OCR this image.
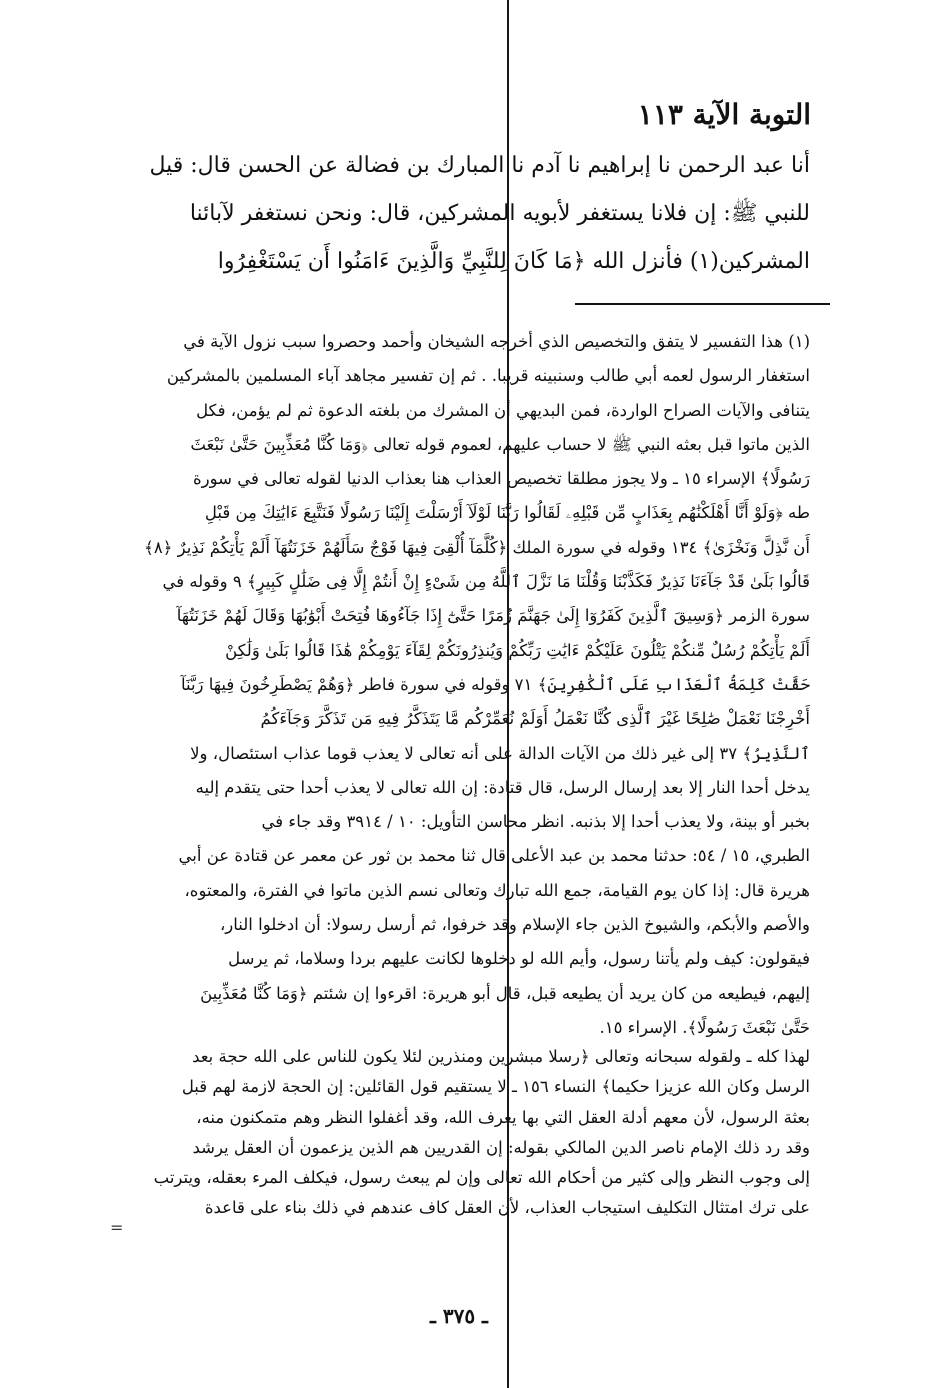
التوبة الآية ١١٣
أنا عبد الرحمن نا إبراهيم نا آدم نا المبارك بن فضالة عن الحسن قال: قيل
للنبي ﷺ: إن فلانا يستغفر لأبويه المشركين، قال: ونحن نستغفر لآبائنا
المشركين(١) فأنزل الله ﴿مَا كَانَ لِلنَّبِيِّ وَالَّذِينَ ءَامَنُوا أَن يَسْتَغْفِرُوا
(١) هذا التفسير لا يتفق والتخصيص الذي أخرجه الشيخان وأحمد وحصروا سبب نزول الآية في
استغفار الرسول لعمه أبي طالب وسنبينه قريبا. . ثم إن تفسير مجاهد آباء المسلمين بالمشركين
يتنافى والآيات الصراح الواردة، فمن البديهي أن المشرك من بلغته الدعوة ثم لم يؤمن، فكل
الذين ماتوا قبل بعثه النبي ﷺ لا حساب عليهم، لعموم قوله تعالى ﴿وَمَا كُنَّا مُعَذِّبِينَ حَتَّىٰ نَبْعَثَ
رَسُولًا﴾ الإسراء ١٥ ـ ولا يجوز مطلقا تخصيص العذاب هنا بعذاب الدنيا لقوله تعالى في سورة
طه ﴿وَلَوْ أَنَّا أَهْلَكْنَٰهُم بِعَذَابٍ مِّن قَبْلِهِۦ لَقَالُوا رَبَّنَا لَوْلَآ أَرْسَلْتَ إِلَيْنَا رَسُولًا فَنَتَّبِعَ ءَايَٰتِكَ مِن قَبْلِ
أَن نَّذِلَّ وَنَخْزَىٰ﴾ ١٣٤ وقوله في سورة الملك ﴿كُلَّمَآ أُلْقِىَ فِيهَا فَوْجٌ سَأَلَهُمْ خَزَنَتُهَآ أَلَمْ يَأْتِكُمْ نَذِيرٌ ﴿٨﴾
قَالُوا بَلَىٰ قَدْ جَآءَنَا نَذِيرٌ فَكَذَّبْنَا وَقُلْنَا مَا نَزَّلَ ٱللَّهُ مِن شَىْءٍ إِنْ أَنتُمْ إِلَّا فِى ضَلَٰلٍ كَبِيرٍ﴾ ٩ وقوله في
سورة الزمر ﴿وَسِيقَ ٱلَّذِينَ كَفَرُوٓا إِلَىٰ جَهَنَّمَ زُمَرًا حَتَّىٰٓ إِذَا جَآءُوهَا فُتِحَتْ أَبْوَٰبُهَا وَقَالَ لَهُمْ خَزَنَتُهَآ
أَلَمْ يَأْتِكُمْ رُسُلٌ مِّنكُمْ يَتْلُونَ عَلَيْكُمْ ءَايَٰتِ رَبِّكُمْ وَيُنذِرُونَكُمْ لِقَآءَ يَوْمِكُمْ هَٰذَا قَالُوا بَلَىٰ وَلَٰكِنْ
حَقَّتْ كَلِمَةُ ٱلْعَذَابِ عَلَى ٱلْكَٰفِرِينَ﴾ ٧١ وقوله في سورة فاطر ﴿وَهُمْ يَصْطَرِخُونَ فِيهَا رَبَّنَآ
أَخْرِجْنَا نَعْمَلْ صَٰلِحًا غَيْرَ ٱلَّذِى كُنَّا نَعْمَلُ أَوَلَمْ نُعَمِّرْكُم مَّا يَتَذَكَّرُ فِيهِ مَن تَذَكَّرَ وَجَآءَكُمُ
ٱلنَّذِيرُ﴾ ٣٧ إلى غير ذلك من الآيات الدالة على أنه تعالى لا يعذب قوما عذاب استئصال، ولا
يدخل أحدا النار إلا بعد إرسال الرسل، قال قتادة: إن الله تعالى لا يعذب أحدا حتى يتقدم إليه
بخبر أو بينة، ولا يعذب أحدا إلا بذنبه. انظر محاسن التأويل: ١٠ / ٣٩١٤ وقد جاء في
الطبري، ١٥ / ٥٤: حدثنا محمد بن عبد الأعلى قال ثنا محمد بن ثور عن معمر عن قتادة عن أبي
هريرة قال: إذا كان يوم القيامة، جمع الله تبارك وتعالى نسم الذين ماتوا في الفترة، والمعتوه،
والأصم والأبكم، والشيوخ الذين جاء الإسلام وقد خرفوا، ثم أرسل رسولا: أن ادخلوا النار،
فيقولون: كيف ولم يأتنا رسول، وأيم الله لو دخلوها لكانت عليهم بردا وسلاما، ثم يرسل
إليهم، فيطيعه من كان يريد أن يطيعه قبل، قال أبو هريرة: اقرءوا إن شئتم ﴿وَمَا كُنَّا مُعَذِّبِينَ
حَتَّىٰ نَبْعَثَ رَسُولًا﴾. الإسراء ١٥.
لهذا كله ـ ولقوله سبحانه وتعالى ﴿رسلا مبشرين ومنذرين لئلا يكون للناس على الله حجة بعد
الرسل وكان الله عزيزا حكيما﴾ النساء ١٥٦ ـ لا يستقيم قول القائلين: إن الحجة لازمة لهم قبل
بعثة الرسول، لأن معهم أدلة العقل التي بها يعرف الله، وقد أغفلوا النظر وهم متمكنون منه،
وقد رد ذلك الإمام ناصر الدين المالكي بقوله: إن القدريين هم الذين يزعمون أن العقل يرشد
إلى وجوب النظر وإلى كثير من أحكام الله تعالى وإن لم يبعث رسول، فيكلف المرء بعقله، ويترتب
على ترك امتثال التكليف استيجاب العذاب، لأن العقل كاف عندهم في ذلك بناء على قاعدة
=
ـ ٣٧٥ ـ
